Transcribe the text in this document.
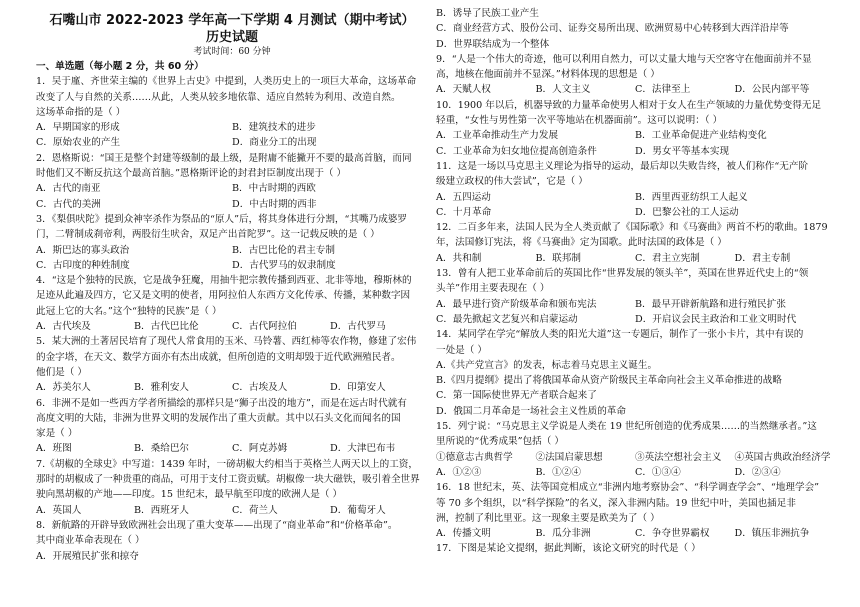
石嘴山市 2022-2023 学年高一下学期 4 月测试（期中考试）
历史试题
考试时间：60 分钟

一、单选题（每小题 2 分，共 60 分）

1．吴于廑、齐世荣主编的《世界上古史》中提到，人类历史上的一项巨大革命，这场革命

改变了人与自然的关系……从此，人类从较多地依靠、适应自然转为利用、改造自然。

这场革命指的是（ ）

A．早期国家的形成	B．建筑技术的进步
C．原始农业的产生	D．商业分工的出现

2．恩格斯说：“国王是整个封建等级制的最上级，是附庸不能撇开不要的最高首脑，而同

时他们又不断反抗这个最高首脑。”恩格斯评论的封君封臣制度出现于（ ）

A．古代的南亚	B．中古时期的西欧
C．古代的美洲	D．中古时期的西非

3．《梨俱吠陀》提到众神宰杀作为祭品的“原人”后，将其身体进行分割，“其嘴乃成婆罗

门，二臂制成刹帝利，两股衍生吠舍，双足产出首陀罗”。这一记载反映的是（ ）

A．斯巴达的寡头政治	B．古巴比伦的君主专制
C．古印度的种姓制度	D．古代罗马的奴隶制度

4．“这是个独特的民族，它是战争狂魔，用抽牛把宗教传播到西亚、北非等地，穆斯林的

足迹从此遍及四方，它又是文明的使者，用阿拉伯人东西方文化传承、传播，某种数字因

此冠上它的大名。”这个“独特的民族”是（ ）

A．古代埃及	B．古代巴比伦	C．古代阿拉伯	D．古代罗马

5．某大洲的土著居民培育了现代人常食用的玉米、马铃薯、西红柿等农作物，修建了宏伟

的金字塔，在天文、数学方面亦有杰出成就，但所创造的文明却毁于近代欧洲殖民者。

他们是（ ）

A．苏美尔人	B．雅利安人	C．古埃及人	D．印第安人

6．非洲不是如一些西方学者所描绘的那样只是“狮子出没的地方”，而是在远古时代就有

高度文明的大陆，非洲为世界文明的发展作出了重大贡献。其中以石头文化而闻名的国

家是（ ）

A．班图	B．桑给巴尔	C．阿克苏姆	D．大津巴布韦

7.《胡椒的全球史》中写道：1439 年时，一磅胡椒大约相当于英格兰人两天以上的工资，

那时的胡椒成了一种贵重的商品，可用于支付工资贡赋。胡椒像一块大磁铁，吸引着全世界

驶向黑胡椒的产地——印度。15 世纪末，最早航至印度的欧洲人是（ ）

A．英国人	B．西班牙人	C．荷兰人	D．葡萄牙人

8．新航路的开辟导致欧洲社会出现了重大变革——出现了“商业革命”和“价格革命”。

其中商业革命表现在（ ）

A．开展殖民扩张和掠夺

B．诱导了民族工业产生

C．商业经营方式、股份公司、证券交易所出现、欧洲贸易中心转移到大西洋沿岸等

D．世界联结成为一个整体

9．“人是一个伟大的奇迹，他可以利用自然力，可以丈量大地与天空客守在他面前并不显

高，地核在他面前并不显深。”材料体现的思想是（ ）

A．天赋人权	B．人文主义	C．法律至上	D．公民内部平等

10．1900 年以后，机器导致的力量革命使男人相对于女人在生产领域的力量优势变得无足

轻重，“女性与男性第一次平等地站在机器面前”。这可以说明：（ ）

A．工业革命推动生产力发展	B．工业革命促进产业结构变化
C．工业革命为妇女地位提高创造条件	D．男女平等基本实现

11．这是一场以马克思主义理论为指导的运动，最后却以失败告终，被人们称作“无产阶

级建立政权的伟大尝试”，它是（ ）

A．五四运动	B．西里西亚纺织工人起义
C．十月革命	D．巴黎公社的工人运动

12．二百多年来，法国人民为全人类贡献了《国际歌》和《马赛曲》两首不朽的歌曲。1879

年，法国修订宪法，将《马赛曲》定为国歌。此时法国的政体是（ ）

A．共和制	B．联邦制	C．君主立宪制	D．君主专制

13．曾有人把工业革命前后的英国比作“世界发展的领头羊”，英国在世界近代史上的“领

头羊”作用主要表现在（ ）

A．最早进行资产阶级革命和颁布宪法	B．最早开辟新航路和进行殖民扩张
C．最先掀起文艺复兴和启蒙运动	D．开启议会民主政治和工业文明时代

14．某同学在学完“解放人类的阳光大道”这一专题后，制作了一张小卡片，其中有误的

一处是（ ）

A.《共产党宣言》的发表，标志着马克思主义诞生。

B.《四月提纲》提出了将俄国革命从资产阶级民主革命向社会主义革命推进的战略

C．第一国际使世界无产者联合起来了

D．俄国二月革命是一场社会主义性质的革命

15．列宁说：“马克思主义学说是人类在 19 世纪所创造的优秀成果……的当然继承者。”这

里所说的“优秀成果”包括（ ）

①德意志古典哲学	②法国启蒙思想	③英法空想社会主义	④英国古典政治经济学
A．①②③	B．①②④	C．①③④	D．②③④

16．18 世纪末，英、法等国竞相成立“非洲内地考察协会”、“科学调查学会”、“地理学会”

等 70 多个组织，以“科学探险”的名义，深入非洲内陆。19 世纪中叶，美国也插足非

洲，控制了利比里亚。这一现象主要是欧美为了（ ）

A．传播文明	B．瓜分非洲	C．争夺世界霸权	D．镇压非洲抗争

17．下图是某论文提纲，据此判断，该论文研究的时代是（ ）
